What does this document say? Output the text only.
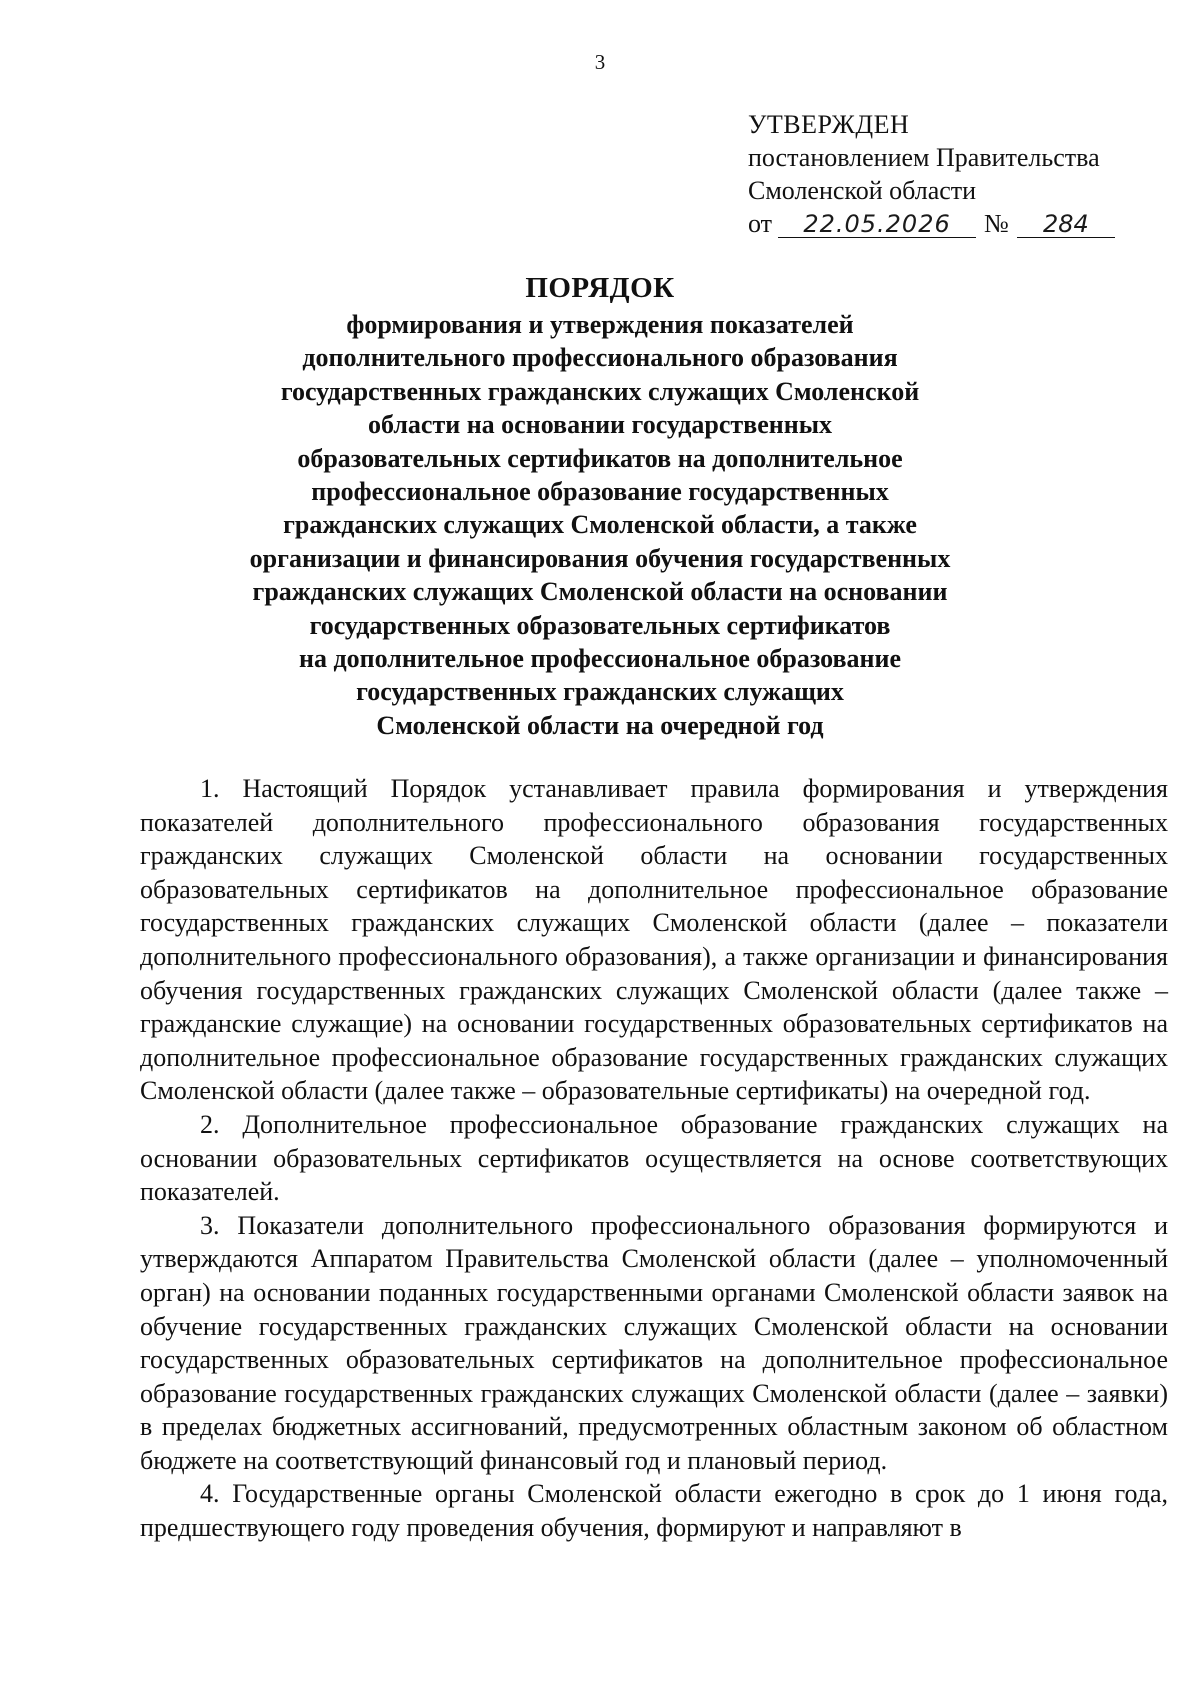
3
УТВЕРЖДЕН
постановлением Правительства
Смоленской области
от	22.05.2026	№	284
ПОРЯДОК
формирования и утверждения показателей
дополнительного профессионального образования
государственных гражданских служащих Смоленской
области на основании государственных
образовательных сертификатов на дополнительное
профессиональное образование государственных
гражданских служащих Смоленской области, а также
организации и финансирования обучения государственных
гражданских служащих Смоленской области на основании
государственных образовательных сертификатов
на дополнительное профессиональное образование
государственных гражданских служащих
Смоленской области на очередной год

1. Настоящий Порядок устанавливает правила формирования и утверждения показателей дополнительного профессионального образования государственных гражданских служащих Смоленской области на основании государственных образовательных сертификатов на дополнительное профессиональное образование государственных гражданских служащих Смоленской области (далее – показатели дополнительного профессионального образования), а также организации и финансирования обучения государственных гражданских служащих Смоленской области (далее также – гражданские служащие) на основании государственных образовательных сертификатов на дополнительное профессиональное образование государственных гражданских служащих Смоленской области (далее также – образовательные сертификаты) на очередной год.

2. Дополнительное профессиональное образование гражданских служащих на основании образовательных сертификатов осуществляется на основе соответствующих показателей.

3. Показатели дополнительного профессионального образования формируются и утверждаются Аппаратом Правительства Смоленской области (далее – уполномоченный орган) на основании поданных государственными органами Смоленской области заявок на обучение государственных гражданских служащих Смоленской области на основании государственных образовательных сертификатов на дополнительное профессиональное образование государственных гражданских служащих Смоленской области (далее – заявки) в пределах бюджетных ассигнований, предусмотренных областным законом об областном бюджете на соответствующий финансовый год и плановый период.

4. Государственные органы Смоленской области ежегодно в срок до 1 июня года, предшествующего году проведения обучения, формируют и направляют в
